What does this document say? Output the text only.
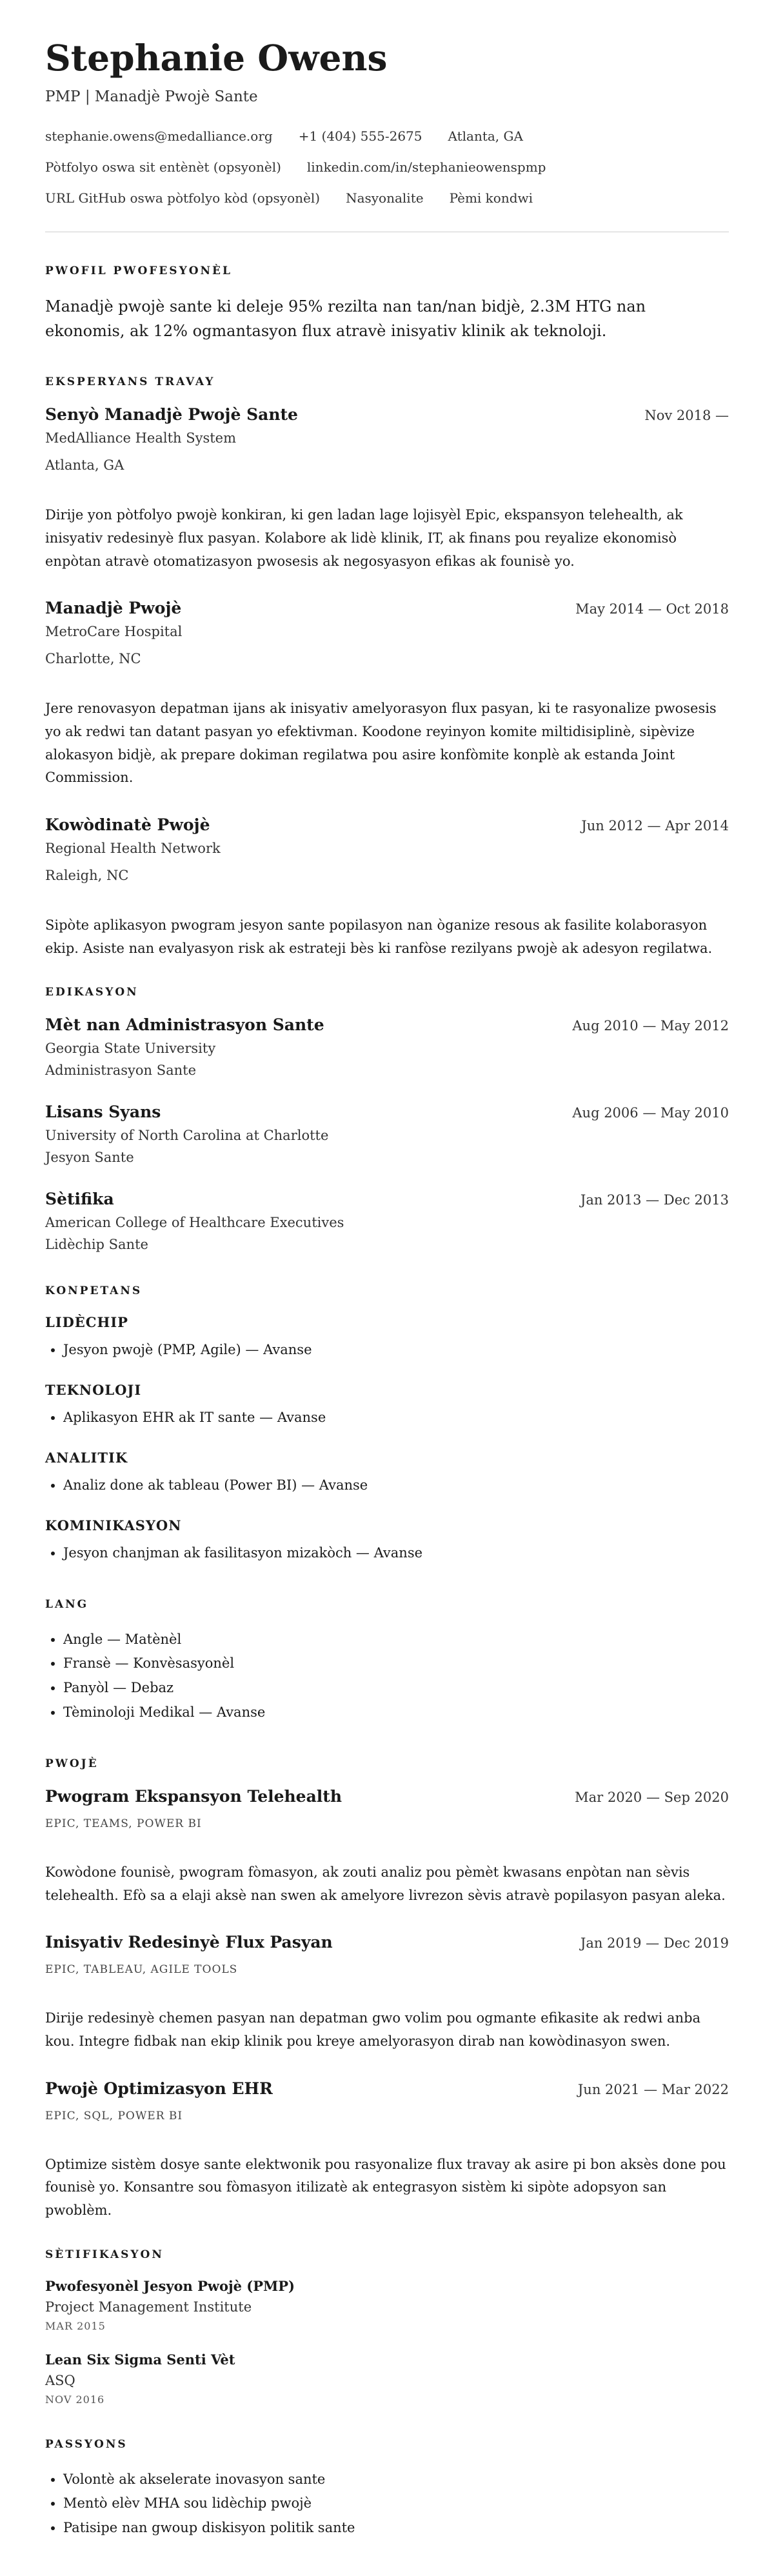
Stephanie Owens
PMP | Manadjè Pwojè Sante
stephanie.owens@medalliance.org +1 (404) 555-2675 Atlanta, GA
Pòtfolyo oswa sit entènèt (opsyonèl) linkedin.com/in/stephanieowenspmp
URL GitHub oswa pòtfolyo kòd (opsyonèl) Nasyonalite Pèmi kondwi
PWOFIL PWOFESYONÈL

Manadjè pwojè sante ki deleje 95% rezilta nan tan/nan bidjè, 2.3M HTG nan ekonomis, ak 12% ogmantasyon flux atravè inisyativ klinik ak teknoloji.

EKSPERYANS TRAVAY
Senyò Manadjè Pwojè Sante	Nov 2018 —
MedAlliance Health System
Atlanta, GA

Dirije yon pòtfolyo pwojè konkiran, ki gen ladan lage lojisyèl Epic, ekspansyon telehealth, ak inisyativ redesinyè flux pasyan. Kolabore ak lidè klinik, IT, ak finans pou reyalize ekonomisò enpòtan atravè otomatizasyon pwosesis ak negosyasyon efikas ak founisè yo.

Manadjè Pwojè	May 2014 — Oct 2018
MetroCare Hospital
Charlotte, NC

Jere renovasyon depatman ijans ak inisyativ amelyorasyon flux pasyan, ki te rasyonalize pwosesis yo ak redwi tan datant pasyan yo efektivman. Koodone reyinyon komite miltidisiplinè, sipèvize alokasyon bidjè, ak prepare dokiman regilatwa pou asire konfòmite konplè ak estanda Joint Commission.

Kowòdinatè Pwojè	Jun 2012 — Apr 2014
Regional Health Network
Raleigh, NC

Sipòte aplikasyon pwogram jesyon sante popilasyon nan òganize resous ak fasilite kolaborasyon ekip. Asiste nan evalyasyon risk ak estrateji bès ki ranfòse rezilyans pwojè ak adesyon regilatwa.

EDIKASYON
Mèt nan Administrasyon Sante	Aug 2010 — May 2012
Georgia State University
Administrasyon Sante
Lisans Syans	Aug 2006 — May 2010
University of North Carolina at Charlotte
Jesyon Sante
Sètifika	Jan 2013 — Dec 2013
American College of Healthcare Executives
Lidèchip Sante
KONPETANS
LIDÈCHIP
• Jesyon pwojè (PMP, Agile) — Avanse
TEKNOLOJI
• Aplikasyon EHR ak IT sante — Avanse
ANALITIK
• Analiz done ak tableau (Power BI) — Avanse
KOMINIKASYON
• Jesyon chanjman ak fasilitasyon mizakòch — Avanse
LANG
• Angle — Matènèl
• Fransè — Konvèsasyonèl
• Panyòl — Debaz
• Tèminoloji Medikal — Avanse
PWOJÈ
Pwogram Ekspansyon Telehealth	Mar 2020 — Sep 2020
EPIC, TEAMS, POWER BI

Kowòdone founisè, pwogram fòmasyon, ak zouti analiz pou pèmèt kwasans enpòtan nan sèvis telehealth. Efò sa a elaji aksè nan swen ak amelyore livrezon sèvis atravè popilasyon pasyan aleka.

Inisyativ Redesinyè Flux Pasyan	Jan 2019 — Dec 2019
EPIC, TABLEAU, AGILE TOOLS

Dirije redesinyè chemen pasyan nan depatman gwo volim pou ogmante efikasite ak redwi anba kou. Integre fidbak nan ekip klinik pou kreye amelyorasyon dirab nan kowòdinasyon swen.

Pwojè Optimizasyon EHR	Jun 2021 — Mar 2022
EPIC, SQL, POWER BI

Optimize sistèm dosye sante elektwonik pou rasyonalize flux travay ak asire pi bon aksès done pou founisè yo. Konsantre sou fòmasyon itilizatè ak entegrasyon sistèm ki sipòte adopsyon san pwoblèm.

SÈTIFIKASYON
Pwofesyonèl Jesyon Pwojè (PMP)
Project Management Institute
MAR 2015
Lean Six Sigma Senti Vèt
ASQ
NOV 2016
PASSYONS
• Volontè ak akselerate inovasyon sante
• Mentò elèv MHA sou lidèchip pwojè
• Patisipe nan gwoup diskisyon politik sante
